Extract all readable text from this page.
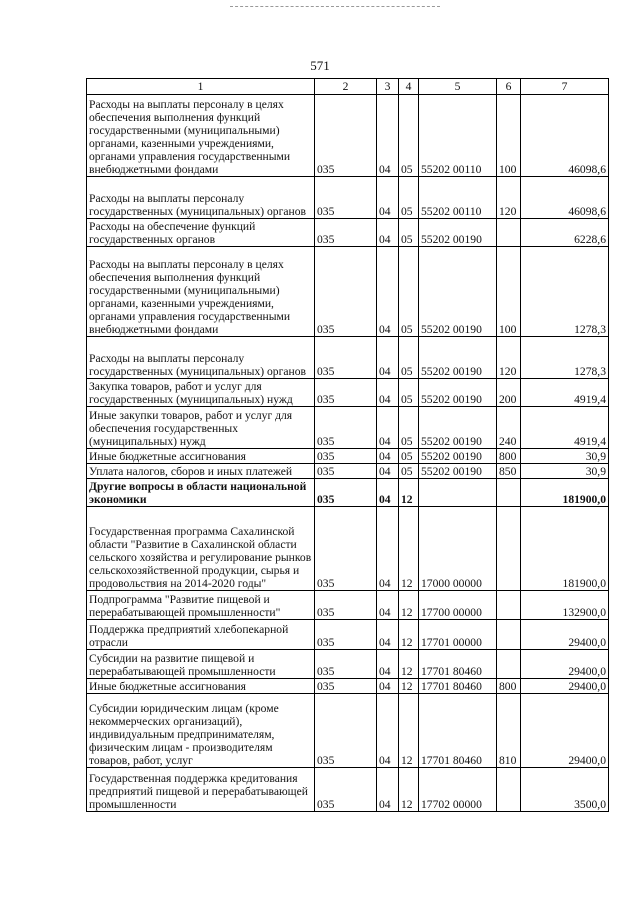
571
1	2	3	4	5	6	7
Расходы на выплаты персоналу в целях обеспечения выполнения функций государственными (муниципальными) органами, казенными учреждениями, органами управления государственными внебюджетными фондами	035	04	05	55202 00110	100	46098,6
Расходы на выплаты персоналу государственных (муниципальных) органов	035	04	05	55202 00110	120	46098,6
Расходы на обеспечение функций государственных органов	035	04	05	55202 00190		6228,6
Расходы на выплаты персоналу в целях обеспечения выполнения функций государственными (муниципальными) органами, казенными учреждениями, органами управления государственными внебюджетными фондами	035	04	05	55202 00190	100	1278,3
Расходы на выплаты персоналу государственных (муниципальных) органов	035	04	05	55202 00190	120	1278,3
Закупка товаров, работ и услуг для государственных (муниципальных) нужд	035	04	05	55202 00190	200	4919,4
Иные закупки товаров, работ и услуг для обеспечения государственных (муниципальных) нужд	035	04	05	55202 00190	240	4919,4
Иные бюджетные ассигнования	035	04	05	55202 00190	800	30,9
Уплата налогов, сборов и иных платежей	035	04	05	55202 00190	850	30,9
Другие вопросы в области национальной экономики	035	04	12			181900,0
Государственная программа Сахалинской области "Развитие в Сахалинской области сельского хозяйства и регулирование рынков сельскохозяйственной продукции, сырья и продовольствия на 2014-2020 годы"	035	04	12	17000 00000		181900,0
Подпрограмма "Развитие пищевой и перерабатывающей промышленности"	035	04	12	17700 00000		132900,0
Поддержка предприятий хлебопекарной отрасли	035	04	12	17701 00000		29400,0
Субсидии на развитие пищевой и перерабатывающей промышленности	035	04	12	17701 80460		29400,0
Иные бюджетные ассигнования	035	04	12	17701 80460	800	29400,0
Субсидии юридическим лицам (кроме некоммерческих организаций), индивидуальным предпринимателям, физическим лицам - производителям товаров, работ, услуг	035	04	12	17701 80460	810	29400,0
Государственная поддержка кредитования предприятий пищевой и перерабатывающей промышленности	035	04	12	17702 00000		3500,0
